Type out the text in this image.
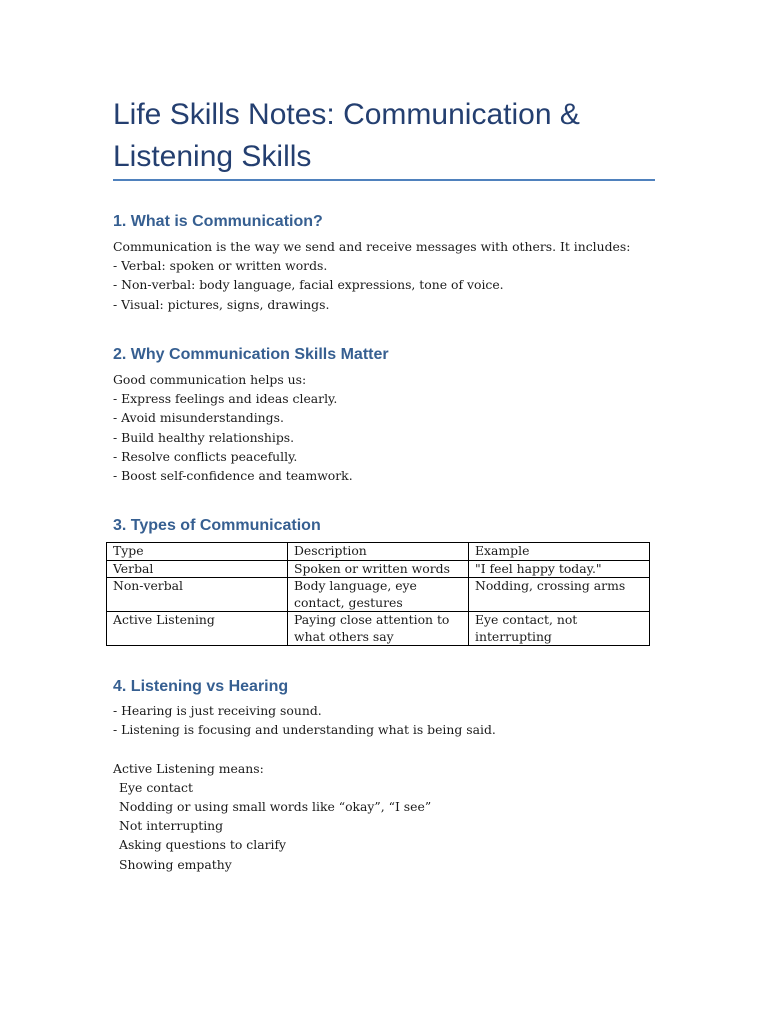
Life Skills Notes: Communication & Listening Skills
1. What is Communication?
Communication is the way we send and receive messages with others. It includes:
- Verbal: spoken or written words.
- Non-verbal: body language, facial expressions, tone of voice.
- Visual: pictures, signs, drawings.
2. Why Communication Skills Matter
Good communication helps us:
- Express feelings and ideas clearly.
- Avoid misunderstandings.
- Build healthy relationships.
- Resolve conflicts peacefully.
- Boost self-confidence and teamwork.
3. Types of Communication
Type	Description	Example
Verbal	Spoken or written words	"I feel happy today."
Non-verbal	Body language, eye contact, gestures	Nodding, crossing arms
Active Listening	Paying close attention to what others say	Eye contact, not interrupting
4. Listening vs Hearing
- Hearing is just receiving sound.
- Listening is focusing and understanding what is being said.

Active Listening means:
Eye contact
Nodding or using small words like “okay”, “I see”
Not interrupting
Asking questions to clarify
Showing empathy
